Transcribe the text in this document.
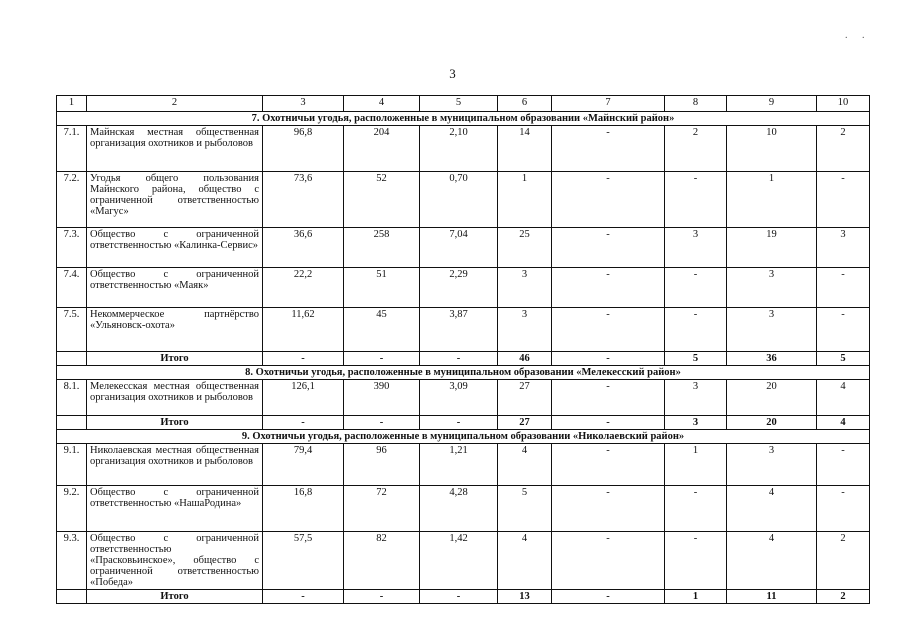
3
. .
1	2	3	4	5	6	7	8	9	10
7. Охотничьи угодья, расположенные в муниципальном образовании «Майнский район»									
7.1.	Майнская местная общественная организация охотников и рыболовов	96,8	204	2,10	14	-	2	10	2
7.2.	Угодья общего пользования Майнского района, общество с ограниченной ответственностью «Магус»	73,6	52	0,70	1	-	-	1	-
7.3.	Общество с ограниченной ответственностью «Калинка-Сервис»	36,6	258	7,04	25	-	3	19	3
7.4.	Общество с ограниченной ответственностью «Маяк»	22,2	51	2,29	3	-	-	3	-
7.5.	Некоммерческое партнёрство «Ульяновск-охота»	11,62	45	3,87	3	-	-	3	-
	Итого	-	-	-	46	-	5	36	5
8. Охотничьи угодья, расположенные в муниципальном образовании «Мелекесский район»									
8.1.	Мелекесская местная общественная организация охотников и рыболовов	126,1	390	3,09	27	-	3	20	4
	Итого	-	-	-	27	-	3	20	4
9. Охотничьи угодья, расположенные в муниципальном образовании «Николаевский район»									
9.1.	Николаевская местная общественная организация охотников и рыболовов	79,4	96	1,21	4	-	1	3	-
9.2.	Общество с ограниченной ответственностью «НашаРодина»	16,8	72	4,28	5	-	-	4	-
9.3.	Общество с ограниченной ответственностью «Прасковьинское», общество с ограниченной ответственностью «Победа»	57,5	82	1,42	4	-	-	4	2
	Итого	-	-	-	13	-	1	11	2
